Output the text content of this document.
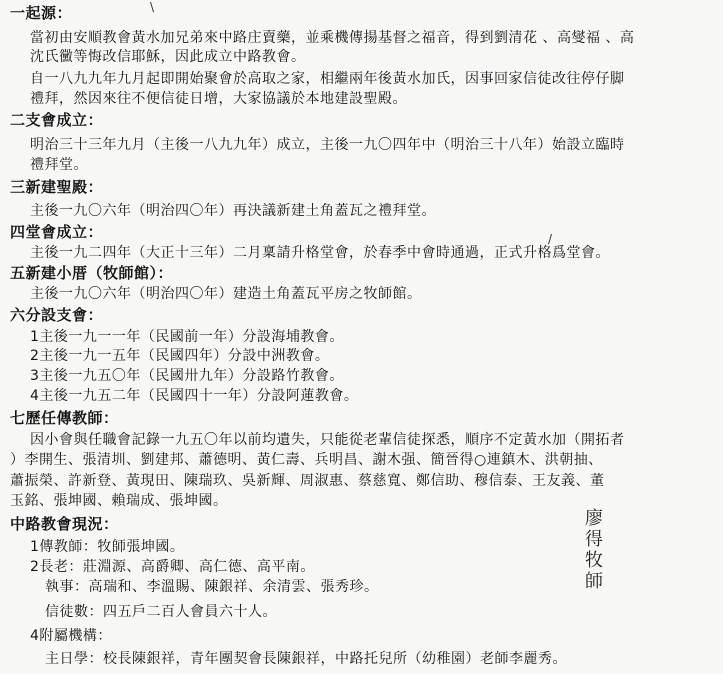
\
/
一起源：
當初由安順教會黃水加兄弟來中路庄賣藥，並乘機傳揚基督之福音，得到劉清花 、高燮福 、高
沈氏黴等悔改信耶穌，因此成立中路教會。
自一八九九年九月起即開始聚會於高取之家，相繼兩年後黃水加氏，因事回家信徒改往停仔脚
禮拜，然因來往不便信徒日增，大家協議於本地建設聖殿。
二支會成立：
明治三十三年九月（主後一八九九年）成立，主後一九〇四年中（明治三十八年）始設立臨時
禮拜堂。
三新建聖殿：
主後一九〇六年（明治四〇年）再決議新建土角蓋瓦之禮拜堂。
四堂會成立：
主後一九二四年（大正十三年）二月稟請升格堂會，於春季中會時通過，正式升格爲堂會。
五新建小厝（牧師館）：
主後一九〇六年（明治四〇年）建造土角蓋瓦平房之牧師館。
六分設支會：
1主後一九一一年（民國前一年）分設海埔教會。
2主後一九一五年（民國四年）分設中洲教會。
3主後一九五〇年（民國卅九年）分設路竹教會。
4主後一九五二年（民國四十一年）分設阿蓮教會。
七歷任傳教師：
因小會與任職會記錄一九五〇年以前均遺失，只能從老輩信徒探悉，順序不定黃水加（開拓者
）李開生、張清圳、劉建邦、蕭德明、黃仁壽、兵明昌、謝木强、簡晉得○連鎮木、洪朝抽、
蕭振榮、許新登、黃現田、陳瑞玖、吳新輝、周淑惠、蔡慈寬、鄭信助、穆信泰、王友義、董
玉銘、張坤國、賴瑞成、張坤國。
中路教會現況：
1傳教師：牧師張坤國。
2長老：莊淵源、高爵卿、高仁德、高平南。
執事：高瑞和、李溫賜、陳銀祥、余清雲、張秀珍。
信徒數：四五戶二百人會員六十人。
4附屬機構：
主日學：校長陳銀祥，青年團契會長陳銀祥，中路托兒所（幼稚園）老師李麗秀。
廖得牧師
